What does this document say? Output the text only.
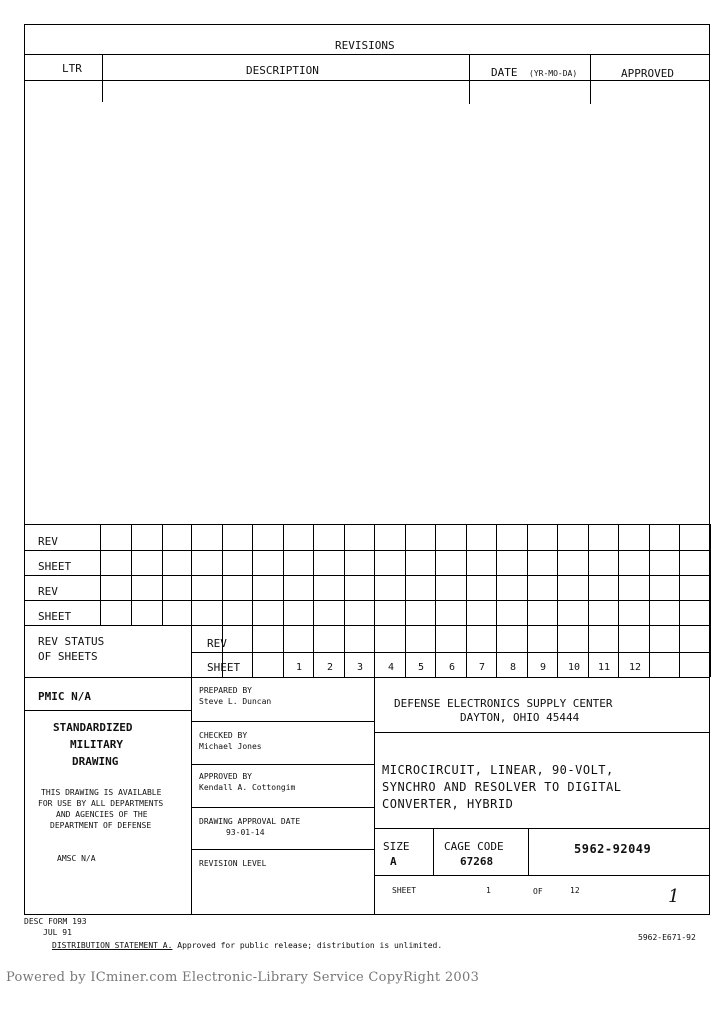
REVISIONS
LTR	DESCRIPTION	DATE (YR-MO-DA)	APPROVED
REV
SHEET
REV
SHEET
REV STATUS
OF SHEETS
REV
SHEET	1	2	3	4	5	6	7	8	9	10	11	12
PMIC N/A
STANDARDIZED
MILITARY
DRAWING
THIS DRAWING IS AVAILABLE
FOR USE BY ALL DEPARTMENTS
AND AGENCIES OF THE
DEPARTMENT OF DEFENSE
AMSC N/A
PREPARED BY
Steve L. Duncan
CHECKED BY
Michael Jones
APPROVED BY
Kendall A. Cottongim
DRAWING APPROVAL DATE
93-01-14
REVISION LEVEL
DEFENSE ELECTRONICS SUPPLY CENTER
DAYTON, OHIO 45444
MICROCIRCUIT, LINEAR, 90-VOLT,
SYNCHRO AND RESOLVER TO DIGITAL
CONVERTER, HYBRID
SIZE
A
CAGE CODE
67268
5962-92049
SHEET	1	OF	12	1
DESC FORM 193
JUL 91
DISTRIBUTION STATEMENT A. Approved for public release; distribution is unlimited.
5962-E671-92
Powered by ICminer.com Electronic-Library Service CopyRight 2003
